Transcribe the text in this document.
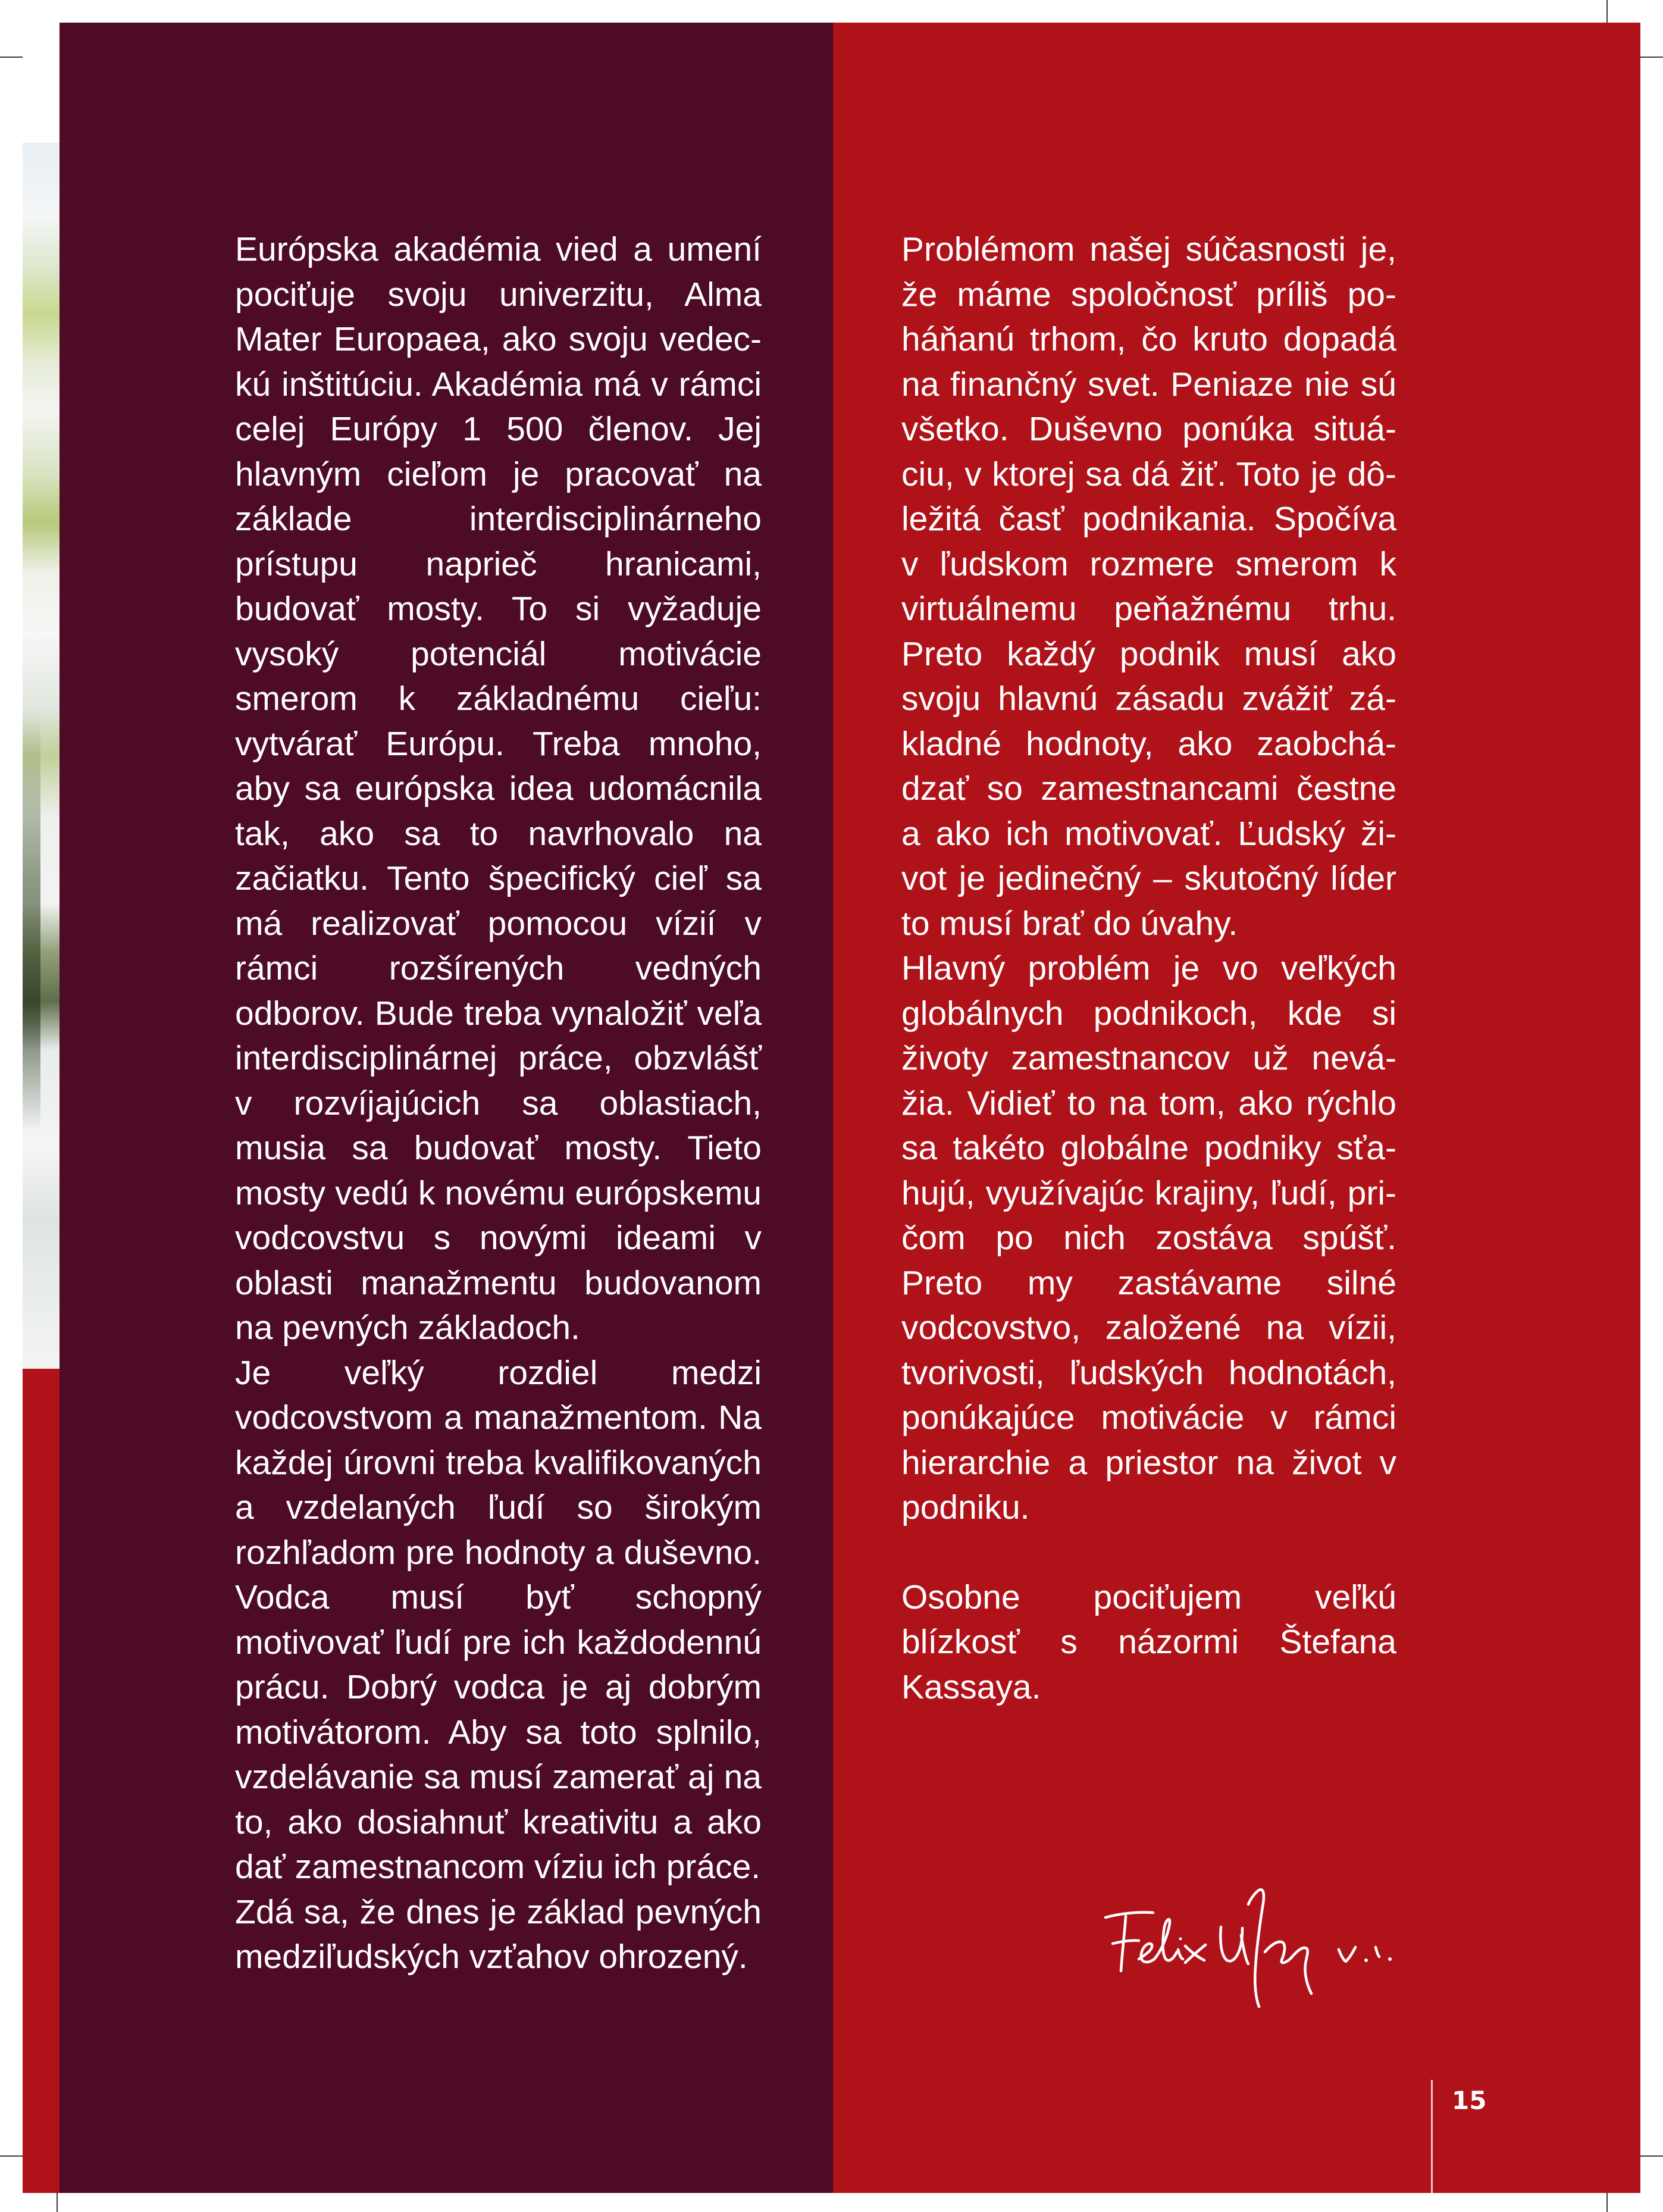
Európska akadémia vied a umení pociťuje svoju univerzitu, Alma Mater Europaea, ako svoju vedeckú inštitúciu. Akadémia má v rámci celej Európy 1 500 členov. Jej hlavným cieľom je pracovať na základe interdisciplinárneho prístupu naprieč hranicami, budovať mosty. To si vyžaduje vysoký potenciál motivácie smerom k základnému cieľu: vytvárať Európu. Treba mnoho, aby sa európska idea udomácnila tak, ako sa to navrhovalo na začiatku. Tento špecifický cieľ sa má realizovať pomocou vízií v rámci rozšírených vedných odborov. Bude treba vynaložiť veľa interdisciplinárnej práce, obzvlášť v rozvíjajúcich sa oblastiach, musia sa budovať mosty. Tieto mosty vedú k novému európskemu vodcovstvu s novými ideami v oblasti manažmentu budovanom na pevných základoch.

Je veľký rozdiel medzi vodcovstvom a manažmentom. Na každej úrovni treba kvalifikovaných a vzdelaných ľudí so širokým rozhľadom pre hodnoty a duševno. Vodca musí byť schopný motivovať ľudí pre ich každodennú prácu. Dobrý vodca je aj dobrým motivátorom. Aby sa toto splnilo, vzdelávanie sa musí zamerať aj na to, ako dosiahnuť kreativitu a ako dať zamestnancom víziu ich práce.

Zdá sa, že dnes je základ pevných medziľudských vzťahov ohrozený.

Problémom našej súčasnosti je, že máme spoločnosť príliš poháňanú trhom, čo kruto dopadá na finančný svet. Peniaze nie sú všetko. Duševno ponúka situáciu, v ktorej sa dá žiť. Toto je dôležitá časť podnikania. Spočíva v ľudskom rozmere smerom k virtuálnemu peňažnému trhu. Preto každý podnik musí ako svoju hlavnú zásadu zvážiť základné hodnoty, ako zaobchádzať so zamestnancami čestne a ako ich motivovať. Ľudský život je jedinečný – skutočný líder to musí brať do úvahy.

Hlavný problém je vo veľkých globálnych podnikoch, kde si životy zamestnancov už nevážia. Vidieť to na tom, ako rýchlo sa takéto globálne podniky sťahujú, využívajúc krajiny, ľudí, pričom po nich zostáva spúšť. Preto my zastávame silné vodcovstvo, založené na vízii, tvorivosti, ľudských hodnotách, ponúkajúce motivácie v rámci hierarchie a priestor na život v podniku.

Osobne pociťujem veľkú blízkosť s názormi Štefana Kassaya.

15
